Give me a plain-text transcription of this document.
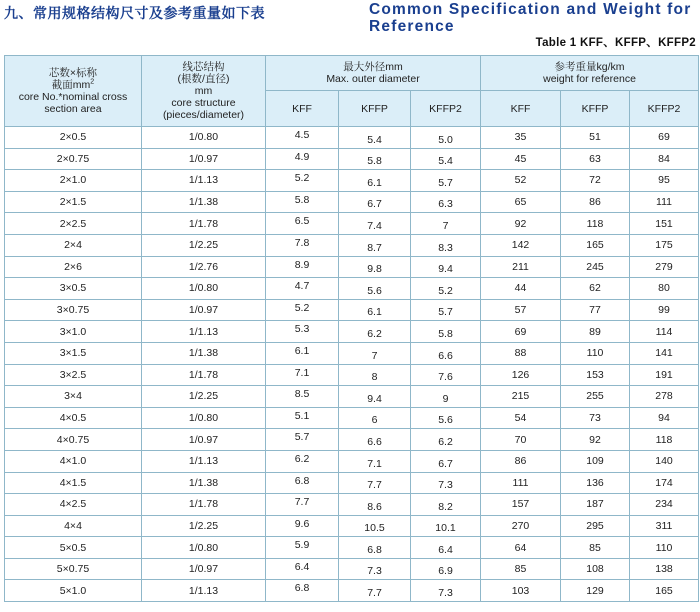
九、常用规格结构尺寸及参考重量如下表	Common Specification and Weight for Reference
Table 1 KFF、KFFP、KFFP2
芯数×标称
截面$mm^2$
core No.*nominal cross section area	线芯结构
(根数/直径)
mm
core structure
(pieces/diameter)	最大外径mm
Max. outer diameter			参考重量kg/km
weight for reference		
		KFF	KFFP	KFFP2	KFF	KFFP	KFFP2
2×0.5	1/0.80	4.5	5.4	5.0	35	51	69
2×0.75	1/0.97	4.9	5.8	5.4	45	63	84
2×1.0	1/1.13	5.2	6.1	5.7	52	72	95
2×1.5	1/1.38	5.8	6.7	6.3	65	86	111
2×2.5	1/1.78	6.5	7.4	7	92	118	151
2×4	1/2.25	7.8	8.7	8.3	142	165	175
2×6	1/2.76	8.9	9.8	9.4	211	245	279
3×0.5	1/0.80	4.7	5.6	5.2	44	62	80
3×0.75	1/0.97	5.2	6.1	5.7	57	77	99
3×1.0	1/1.13	5.3	6.2	5.8	69	89	114
3×1.5	1/1.38	6.1	7	6.6	88	110	141
3×2.5	1/1.78	7.1	8	7.6	126	153	191
3×4	1/2.25	8.5	9.4	9	215	255	278
4×0.5	1/0.80	5.1	6	5.6	54	73	94
4×0.75	1/0.97	5.7	6.6	6.2	70	92	118
4×1.0	1/1.13	6.2	7.1	6.7	86	109	140
4×1.5	1/1.38	6.8	7.7	7.3	111	136	174
4×2.5	1/1.78	7.7	8.6	8.2	157	187	234
4×4	1/2.25	9.6	10.5	10.1	270	295	311
5×0.5	1/0.80	5.9	6.8	6.4	64	85	110
5×0.75	1/0.97	6.4	7.3	6.9	85	108	138
5×1.0	1/1.13	6.8	7.7	7.3	103	129	165
